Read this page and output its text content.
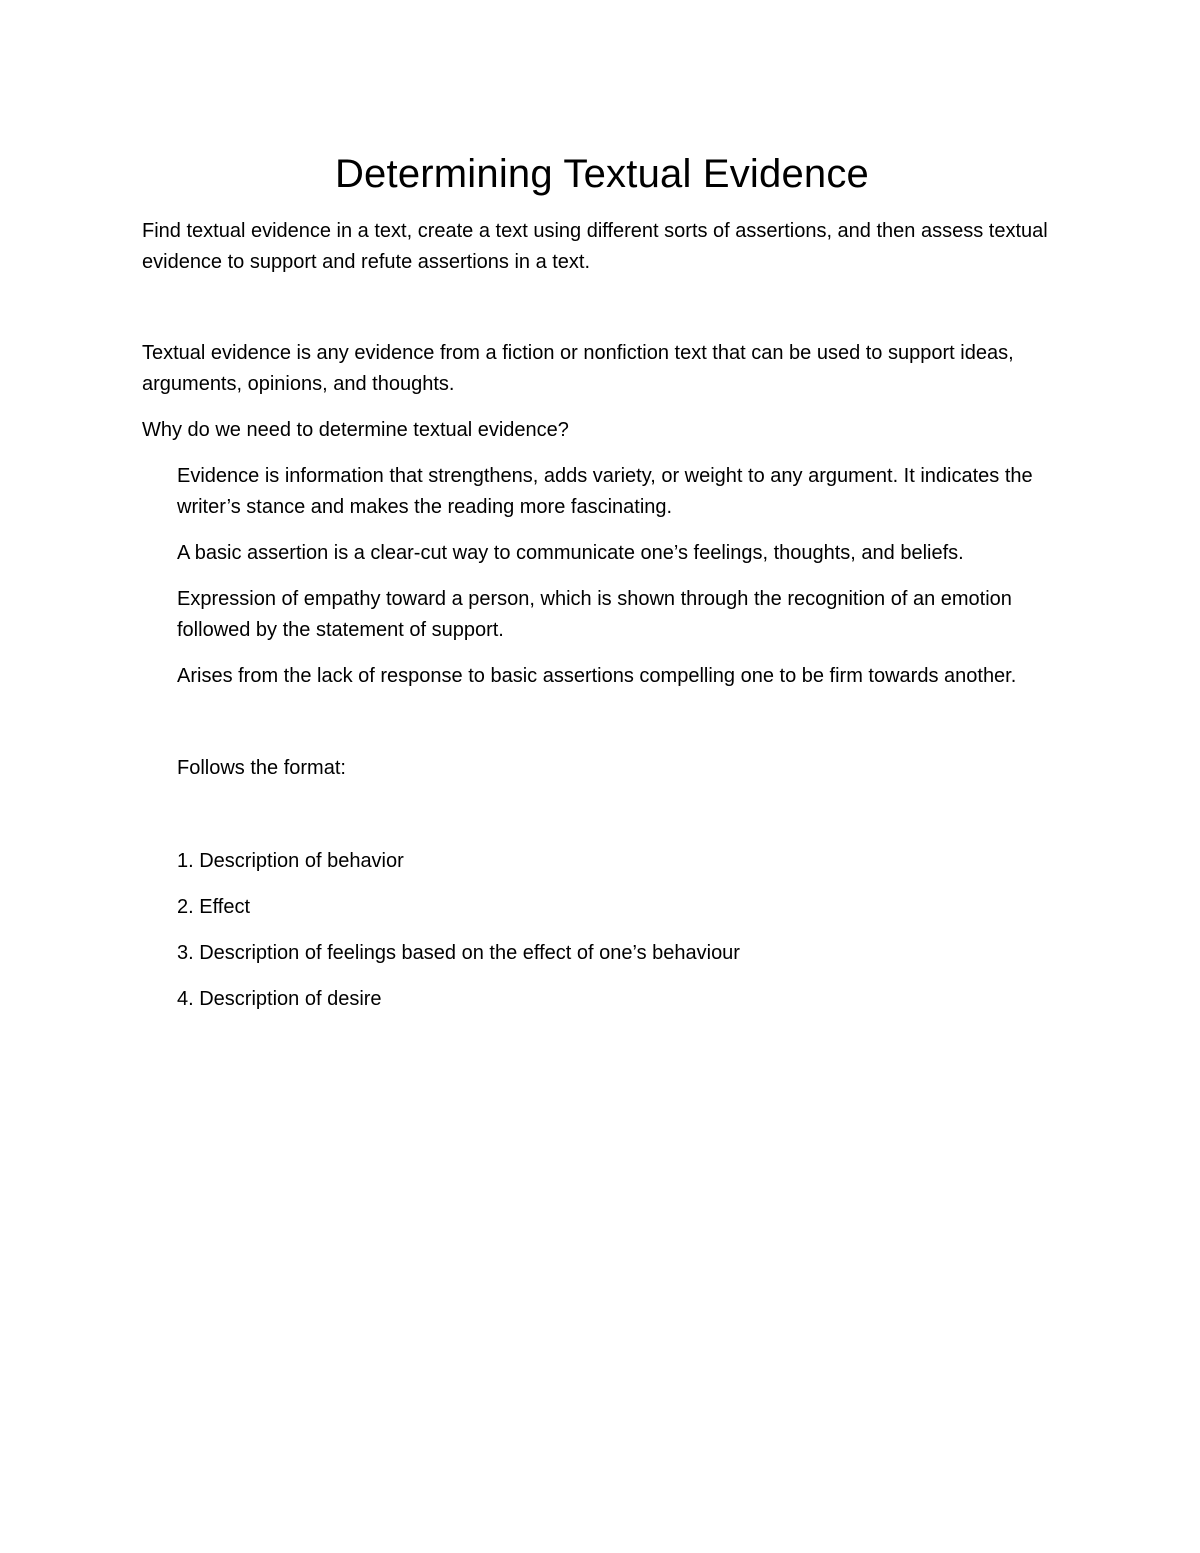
Determining Textual Evidence

Find textual evidence in a text, create a text using different sorts of assertions, and then assess textual evidence to support and refute assertions in a text.

Textual evidence is any evidence from a fiction or nonfiction text that can be used to support ideas, arguments, opinions, and thoughts.

Why do we need to determine textual evidence?

Evidence is information that strengthens, adds variety, or weight to any argument. It indicates the writer’s stance and makes the reading more fascinating.

A basic assertion is a clear-cut way to communicate one’s feelings, thoughts, and beliefs.

Expression of empathy toward a person, which is shown through the recognition of an emotion followed by the statement of support.

Arises from the lack of response to basic assertions compelling one to be firm towards another.

Follows the format:

1. Description of behavior
2. Effect
3. Description of feelings based on the effect of one’s behaviour
4. Description of desire
